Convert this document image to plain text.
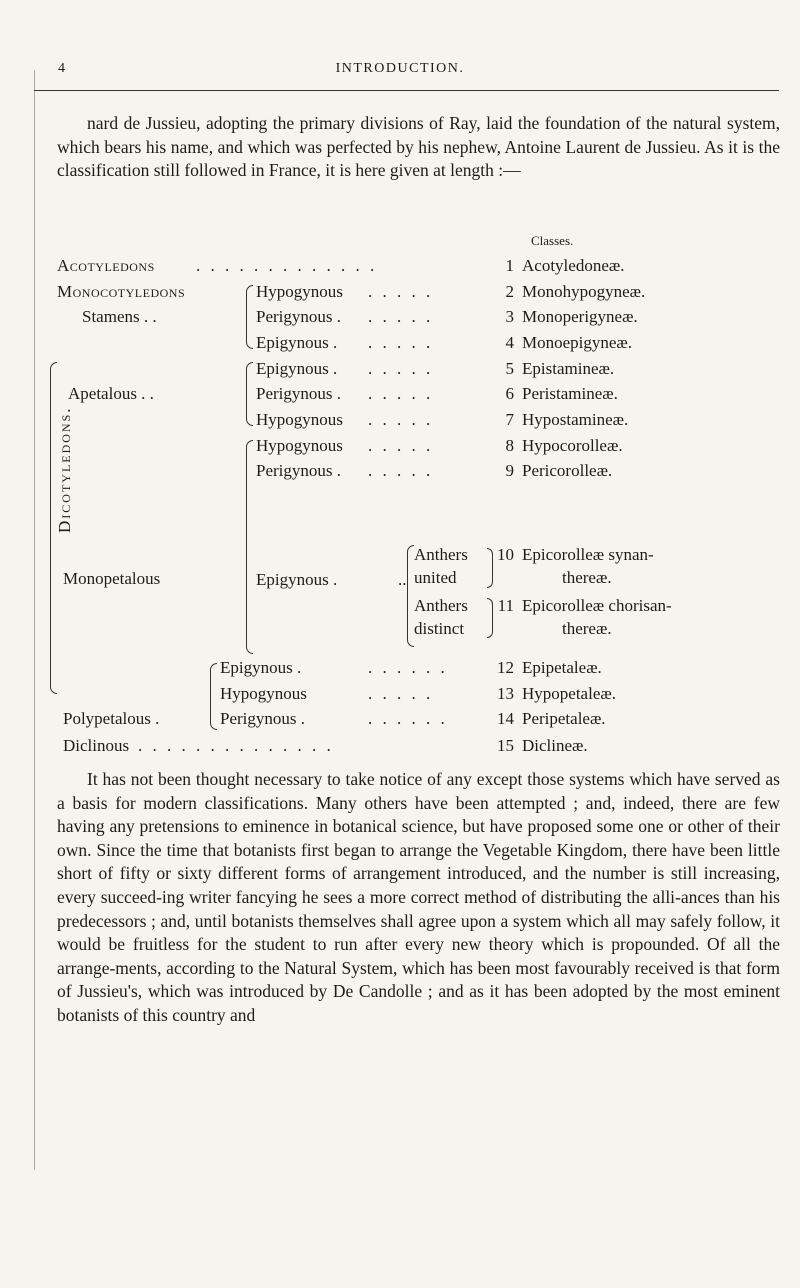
4	INTRODUCTION.

nard de Jussieu, adopting the primary divisions of Ray, laid the foundation of the natural system, which bears his name, and which was perfected by his nephew, Antoine Laurent de Jussieu. As it is the classification still followed in France, it is here given at length :—

Classes.
Acotyledons . . . . . . . . . . . . .
Monocotyledons
Stamens . .
Apetalous . .
Monopetalous
Anthers
united
Anthers
distinct
..
Polypetalous .
Diclinous . . . . . . . . . . . . . .
Dicotyledons.
Hypogynous
Perigynous .
Epigynous .
Epigynous .
Perigynous .
Hypogynous
Hypogynous
Perigynous .
Epigynous .
Epigynous .
Hypogynous
Perigynous .
. . . . .
. . . . .
. . . . .
. . . . .
. . . . .
. . . . .
. . . . .
. . . . .
. . . . . .
. . . . .
. . . . . .
1
2
3
4
5
6
7
8
9
10
11
12
13
14
15
Acotyledoneæ.
Monohypogyneæ.
Monoperigyneæ.
Monoepigyneæ.
Epistamineæ.
Peristamineæ.
Hypostamineæ.
Hypocorolleæ.
Pericorolleæ.
Epicorolleæ synan-
thereæ.
Epicorolleæ chorisan-
thereæ.
Epipetaleæ.
Hypopetaleæ.
Peripetaleæ.
Diclineæ.

It has not been thought necessary to take notice of any except those systems which have served as a basis for modern classifications. Many others have been attempted ; and, indeed, there are few having any pretensions to eminence in botanical science, but have proposed some one or other of their own. Since the time that botanists first began to arrange the Vegetable Kingdom, there have been little short of fifty or sixty different forms of arrangement introduced, and the number is still increasing, every succeed-ing writer fancying he sees a more correct method of distributing the alli-ances than his predecessors ; and, until botanists themselves shall agree upon a system which all may safely follow, it would be fruitless for the student to run after every new theory which is propounded. Of all the arrange-ments, according to the Natural System, which has been most favourably received is that form of Jussieu's, which was introduced by De Candolle ; and as it has been adopted by the most eminent botanists of this country and
